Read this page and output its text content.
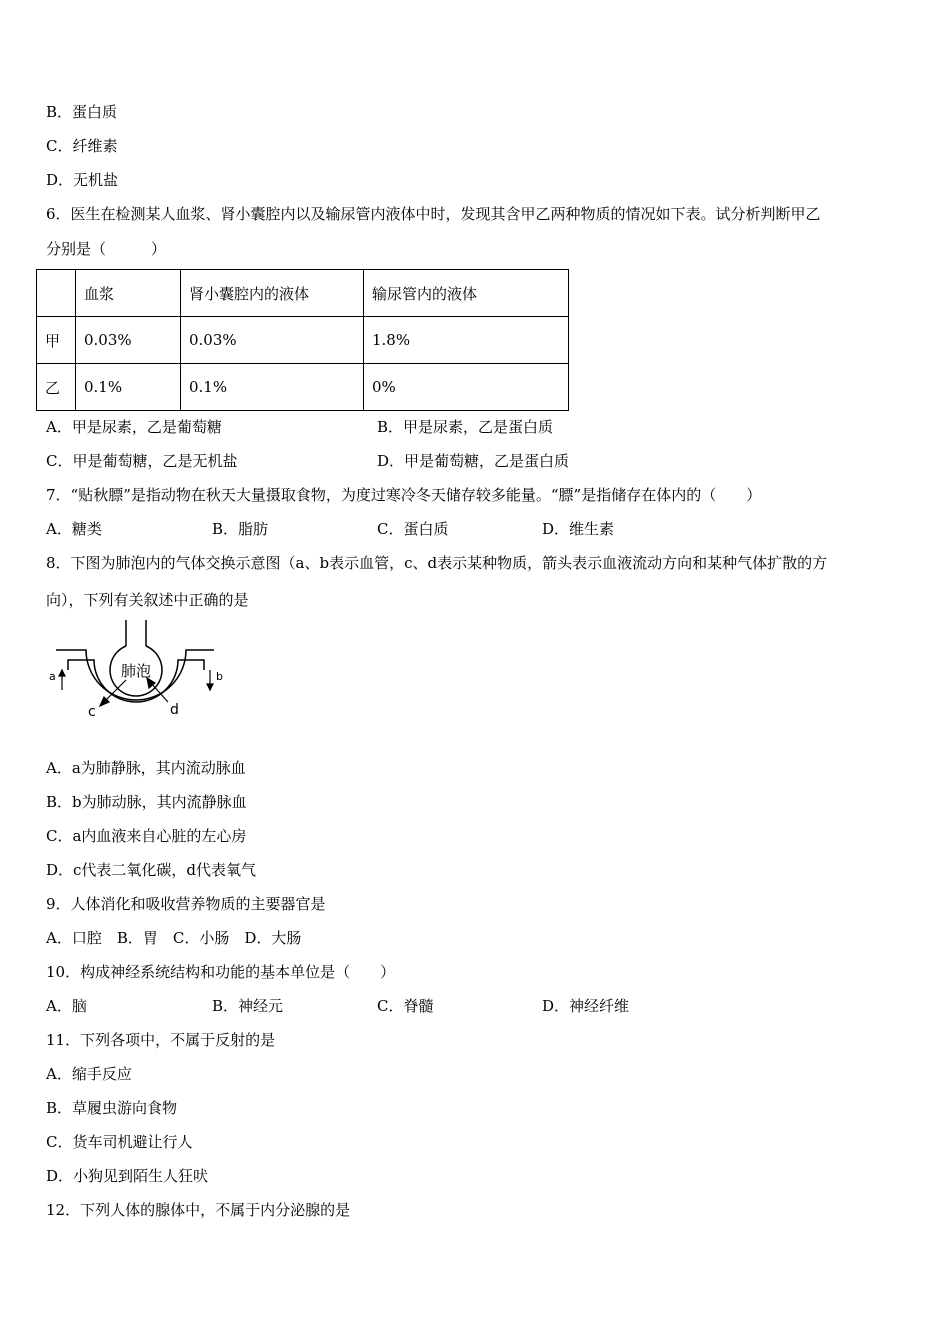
B．蛋白质
C．纤维素
D．无机盐
6．医生在检测某人血浆、肾小囊腔内以及输尿管内液体中时，发现其含甲乙两种物质的情况如下表。试分析判断甲乙
分别是（　　　）
	血浆	肾小囊腔内的液体	输尿管内的液体
甲	0.03%	0.03%	1.8%
乙	0.1%	0.1%	0%
A．甲是尿素，乙是葡萄糖	B．甲是尿素，乙是蛋白质
C．甲是葡萄糖，乙是无机盐	D．甲是葡萄糖，乙是蛋白质
7．“贴秋膘”是指动物在秋天大量摄取食物，为度过寒冷冬天储存较多能量。“膘”是指储存在体内的（　　）
A．糖类	B．脂肪	C．蛋白质	D．维生素
8．下图为肺泡内的气体交换示意图（a、b表示血管，c、d表示某种物质，箭头表示血液流动方向和某种气体扩散的方
向），下列有关叙述中正确的是
肺泡
a	b
c	d
A．a为肺静脉，其内流动脉血
B．b为肺动脉，其内流静脉血
C．a内血液来自心脏的左心房
D．c代表二氧化碳，d代表氧气
9．人体消化和吸收营养物质的主要器官是
A．口腔　B．胃　C．小肠　D．大肠
10．构成神经系统结构和功能的基本单位是（　　）
A．脑	B．神经元	C．脊髓	D．神经纤维
11．下列各项中，不属于反射的是
A．缩手反应
B．草履虫游向食物
C．货车司机避让行人
D．小狗见到陌生人狂吠
12．下列人体的腺体中，不属于内分泌腺的是
